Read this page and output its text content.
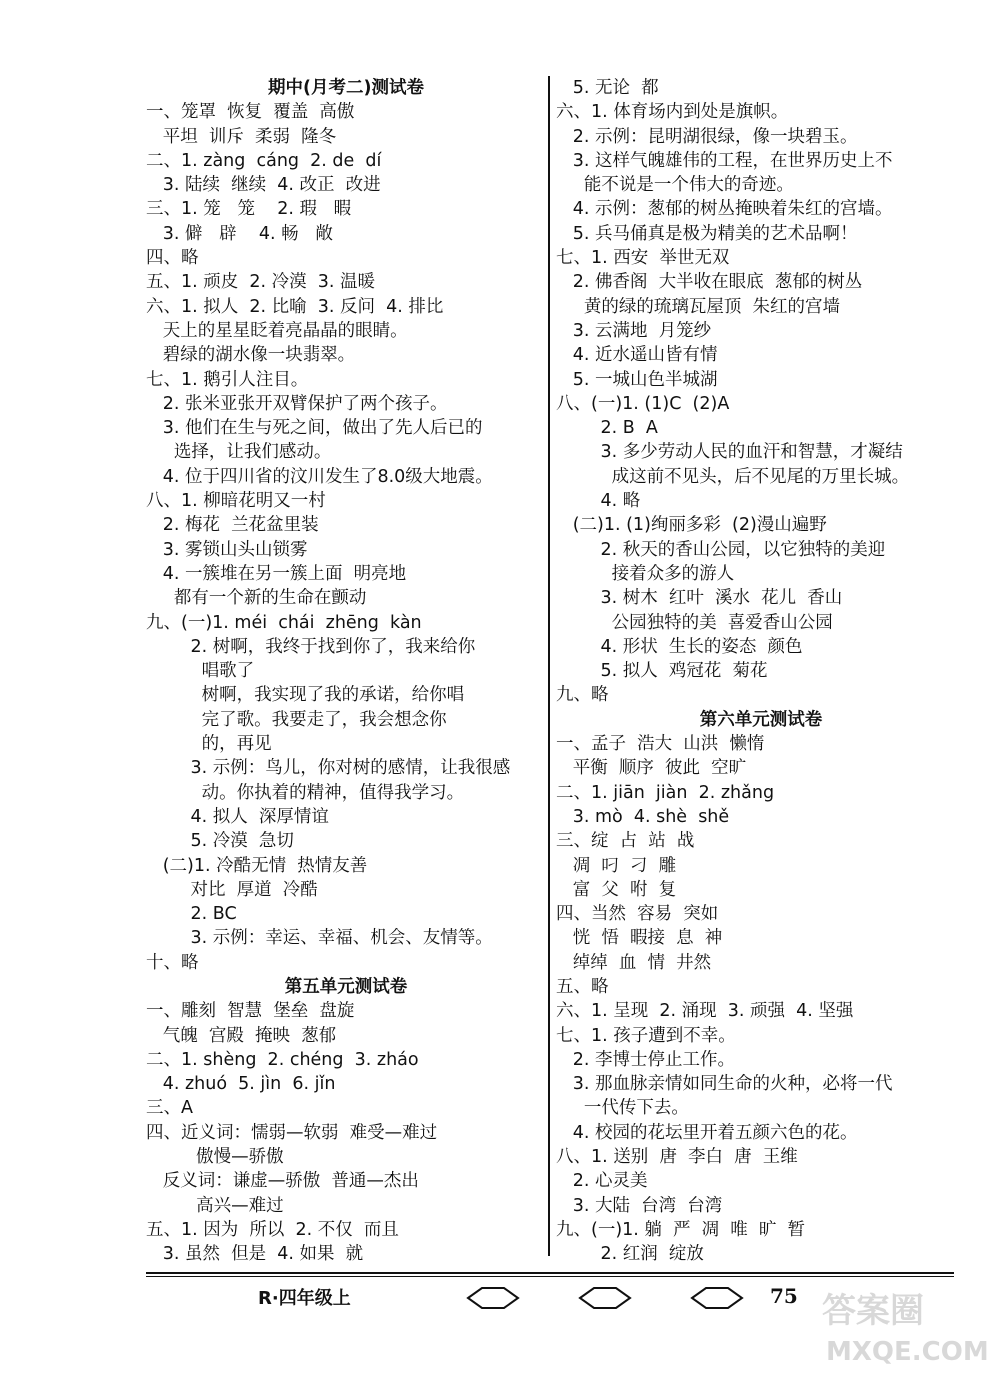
期中(月考二)测试卷
一、笼罩  恢复  覆盖  高傲
平坦  训斥  柔弱  隆冬
二、1. zàng  cáng  2. de  dí
3. 陆续  继续  4. 改正  改进
三、1. 笼   笼    2. 瑕   暇
3. 僻   辟    4. 畅   敞
四、略
五、1. 顽皮  2. 冷漠  3. 温暖
六、1. 拟人  2. 比喻  3. 反问  4. 排比
天上的星星眨着亮晶晶的眼睛。
碧绿的湖水像一块翡翠。
七、1. 鹅引人注目。
2. 张米亚张开双臂保护了两个孩子。
3. 他们在生与死之间，做出了先人后已的
选择，让我们感动。
4. 位于四川省的汶川发生了8.0级大地震。
八、1. 柳暗花明又一村
2. 梅花  兰花盆里装
3. 雾锁山头山锁雾
4. 一簇堆在另一簇上面  明亮地
都有一个新的生命在颤动
九、(一)1. méi  chái  zhēng  kàn
2. 树啊，我终于找到你了，我来给你
唱歌了
树啊，我实现了我的承诺，给你唱
完了歌。我要走了，我会想念你
的，再见
3. 示例：鸟儿，你对树的感情，让我很感
动。你执着的精神，值得我学习。
4. 拟人  深厚情谊
5. 冷漠  急切
(二)1. 冷酷无情  热情友善
对比  厚道  冷酷
2. BC
3. 示例：幸运、幸福、机会、友情等。
十、略
第五单元测试卷
一、雕刻  智慧  堡垒  盘旋
气魄  宫殿  掩映  葱郁
二、1. shèng  2. chéng  3. zháo
4. zhuó  5. jìn  6. jǐn
三、A
四、近义词：懦弱—软弱  难受—难过
傲慢—骄傲
反义词：谦虚—骄傲  普通—杰出
高兴—难过
五、1. 因为  所以  2. 不仅  而且
3. 虽然  但是  4. 如果  就
5. 无论  都
六、1. 体育场内到处是旗帜。
2. 示例：昆明湖很绿，像一块碧玉。
3. 这样气魄雄伟的工程，在世界历史上不
能不说是一个伟大的奇迹。
4. 示例：葱郁的树丛掩映着朱红的宫墙。
5. 兵马俑真是极为精美的艺术品啊！
七、1. 西安  举世无双
2. 佛香阁  大半收在眼底  葱郁的树丛
黄的绿的琉璃瓦屋顶  朱红的宫墙
3. 云满地  月笼纱
4. 近水遥山皆有情
5. 一城山色半城湖
八、(一)1. (1)C  (2)A
2. B  A
3. 多少劳动人民的血汗和智慧，才凝结
成这前不见头，后不见尾的万里长城。
4. 略
(二)1. (1)绚丽多彩  (2)漫山遍野
2. 秋天的香山公园，以它独特的美迎
接着众多的游人
3. 树木  红叶  溪水  花儿  香山
公园独特的美  喜爱香山公园
4. 形状  生长的姿态  颜色
5. 拟人  鸡冠花  菊花
九、略
第六单元测试卷
一、孟子  浩大  山洪  懒惰
平衡  顺序  彼此  空旷
二、1. jiān  jiàn  2. zhǎng
3. mò  4. shè  shě
三、绽  占  站  战
凋  叼  刁  雕
富  父  咐  复
四、当然  容易  突如
恍  悟  暇接  息  神
绰绰  血  情  井然
五、略
六、1. 呈现  2. 涌现  3. 顽强  4. 坚强
七、1. 孩子遭到不幸。
2. 李博士停止工作。
3. 那血脉亲情如同生命的火种，必将一代
一代传下去。
4. 校园的花坛里开着五颜六色的花。
八、1. 送别  唐  李白  唐  王维
2. 心灵美
3. 大陆  台湾  台湾
九、(一)1. 躺  严  凋  唯  旷  暂
2. 红润  绽放
R·四年级上	75 答案圈
MXQE.COM
